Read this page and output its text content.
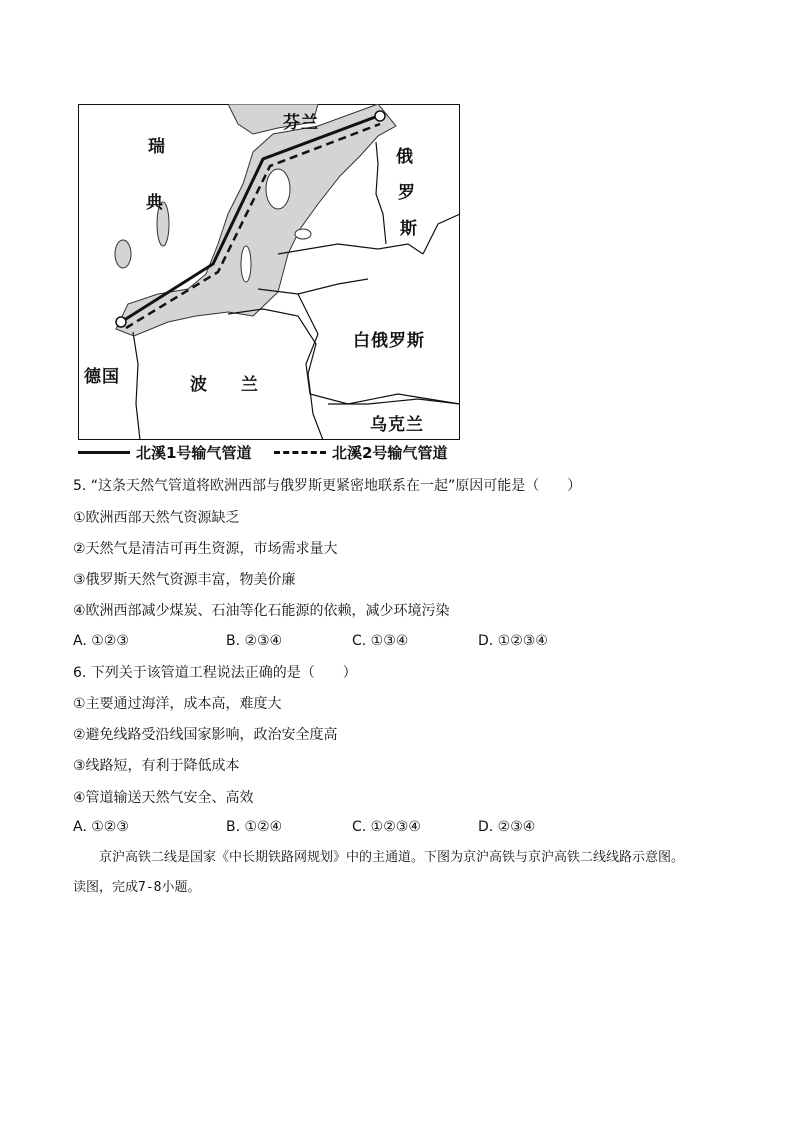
瑞
典
芬兰
俄
罗
斯
白俄罗斯
德国	波 兰
乌克兰
北溪1号输气管道	北溪2号输气管道
5. “这条天然气管道将欧洲西部与俄罗斯更紧密地联系在一起”原因可能是（　　）
①欧洲西部天然气资源缺乏
②天然气是清洁可再生资源，市场需求量大
③俄罗斯天然气资源丰富，物美价廉
④欧洲西部减少煤炭、石油等化石能源的依赖，减少环境污染
A. ①②③	B. ②③④	C. ①③④	D. ①②③④
6. 下列关于该管道工程说法正确的是（　　）
①主要通过海洋，成本高，难度大
②避免线路受沿线国家影响，政治安全度高
③线路短，有利于降低成本
④管道输送天然气安全、高效
A. ①②③	B. ①②④	C. ①②③④	D. ②③④
京沪高铁二线是国家《中长期铁路网规划》中的主通道。下图为京沪高铁与京沪高铁二线线路示意图。
读图，完成7-8小题。
